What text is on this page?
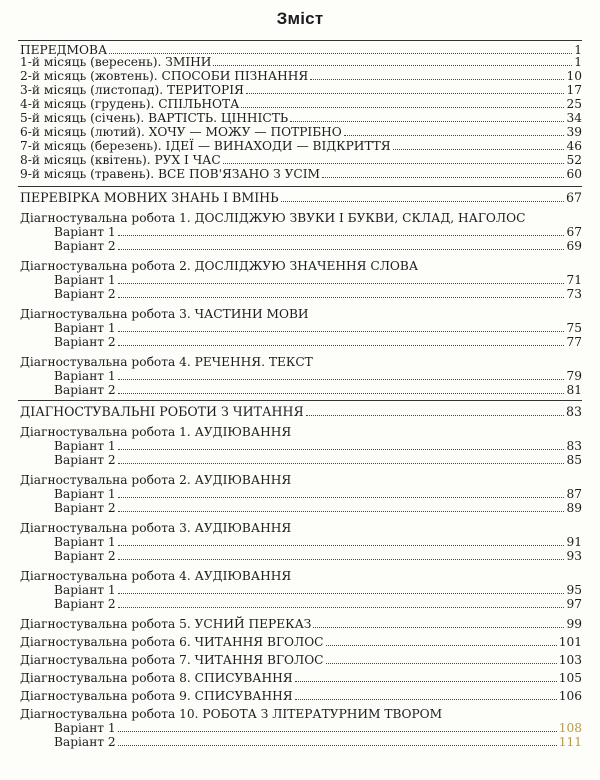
Зміст
ПЕРЕДМОВА	1
1-й місяць (вересень). ЗМІНИ	1
2-й місяць (жовтень). СПОСОБИ ПІЗНАННЯ	10
3-й місяць (листопад). ТЕРИТОРІЯ	17
4-й місяць (грудень). СПІЛЬНОТА	25
5-й місяць (січень). ВАРТІСТЬ. ЦІННІСТЬ	34
6-й місяць (лютий). ХОЧУ — МОЖУ — ПОТРІБНО	39
7-й місяць (березень). ІДЕЇ — ВИНАХОДИ — ВІДКРИТТЯ	46
8-й місяць (квітень). РУХ І ЧАС	52
9-й місяць (травень). ВСЕ ПОВ'ЯЗАНО З УСІМ	60
ПЕРЕВІРКА МОВНИХ ЗНАНЬ І ВМІНЬ	67
Діагностувальна робота 1. ДОСЛІДЖУЮ ЗВУКИ І БУКВИ, СКЛАД, НАГОЛОС
Варіант 1	67
Варіант 2	69
Діагностувальна робота 2. ДОСЛІДЖУЮ ЗНАЧЕННЯ СЛОВА
Варіант 1	71
Варіант 2	73
Діагностувальна робота 3. ЧАСТИНИ МОВИ
Варіант 1	75
Варіант 2	77
Діагностувальна робота 4. РЕЧЕННЯ. ТЕКСТ
Варіант 1	79
Варіант 2	81
ДІАГНОСТУВАЛЬНІ РОБОТИ З ЧИТАННЯ	83
Діагностувальна робота 1. АУДІЮВАННЯ
Варіант 1	83
Варіант 2	85
Діагностувальна робота 2. АУДІЮВАННЯ
Варіант 1	87
Варіант 2	89
Діагностувальна робота 3. АУДІЮВАННЯ
Варіант 1	91
Варіант 2	93
Діагностувальна робота 4. АУДІЮВАННЯ
Варіант 1	95
Варіант 2	97
Діагностувальна робота 5. УСНИЙ ПЕРЕКАЗ	99
Діагностувальна робота 6. ЧИТАННЯ ВГОЛОС	101
Діагностувальна робота 7. ЧИТАННЯ ВГОЛОС	103
Діагностувальна робота 8. СПИСУВАННЯ	105
Діагностувальна робота 9. СПИСУВАННЯ	106
Діагностувальна робота 10. РОБОТА З ЛІТЕРАТУРНИМ ТВОРОМ
Варіант 1	108
Варіант 2	111
